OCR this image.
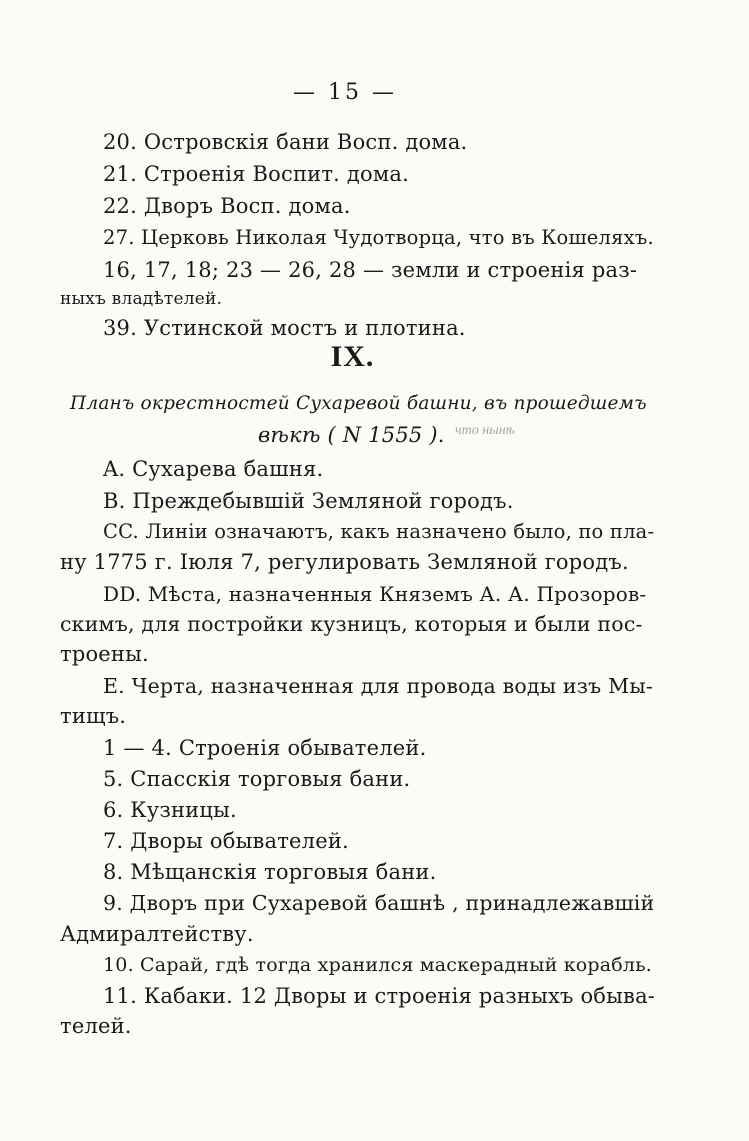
— 15 —
20. Островскiя бани Восп. дома.
21. Строенiя Воспит. дома.
22. Дворъ Восп. дома.
27. Церковь Николая Чудотворца, что въ Кошеляхъ.
16, 17, 18; 23 — 26, 28 — земли и строенiя раз-
ныхъ владѣтелей.
39. Устинской мостъ и плотина.
IX.
Планъ окрестностей Сухаревой башни, въ прошедшемъ
вѣкѣ ( N 1555 ). что нынѣ
A. Сухарева башня.
B. Преждебывшiй Земляной городъ.
CC. Линiи означаютъ, какъ назначено было, по пла-
ну 1775 г. Iюля 7, регулировать Земляной городъ.
DD. Мѣста, назначенныя Княземъ А. А. Прозоров-
скимъ, для постройки кузницъ, которыя и были пос-
троены.
E. Черта, назначенная для провода воды изъ Мы-
тищъ.
1 — 4. Строенiя обывателей.
5. Спасскiя торговыя бани.
6. Кузницы.
7. Дворы обывателей.
8. Мѣщанскiя торговыя бани.
9. Дворъ при Сухаревой башнѣ , принадлежавшiй
Адмиралтейству.
10. Сарай, гдѣ тогда хранился маскерадный корабль.
11. Кабаки. 12 Дворы и строенiя разныхъ обыва-
телей.
